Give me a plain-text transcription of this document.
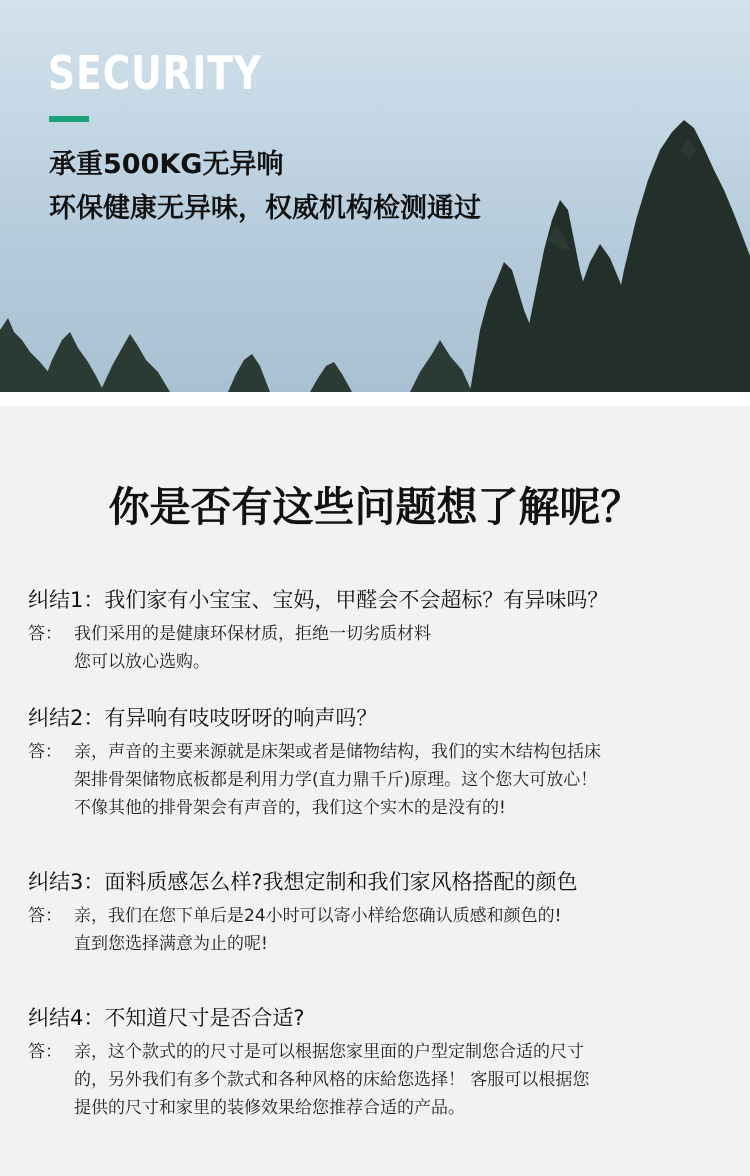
SECURITY

承重500KG无异响

环保健康无异味，权威机构检测通过

你是否有这些问题想了解呢？

纠结1：我们家有小宝宝、宝妈，甲醛会不会超标？有异味吗？

答： 我们采用的是健康环保材质，拒绝一切劣质材料
您可以放心选购。

纠结2：有异响有吱吱呀呀的响声吗？

答： 亲，声音的主要来源就是床架或者是储物结构，我们的实木结构包括床
架排骨架储物底板都是利用力学(直力鼎千斤)原理。这个您大可放心！
不像其他的排骨架会有声音的，我们这个实木的是没有的!

纠结3：面料质感怎么样?我想定制和我们家风格搭配的颜色

答： 亲，我们在您下单后是24小时可以寄小样给您确认质感和颜色的!
直到您选择满意为止的呢!

纠结4：不知道尺寸是否合适?

答： 亲，这个款式的的尺寸是可以根据您家里面的户型定制您合适的尺寸
的，另外我们有多个款式和各种风格的床給您选择！ 客服可以根据您
提供的尺寸和家里的装修效果给您推荐合适的产品。
